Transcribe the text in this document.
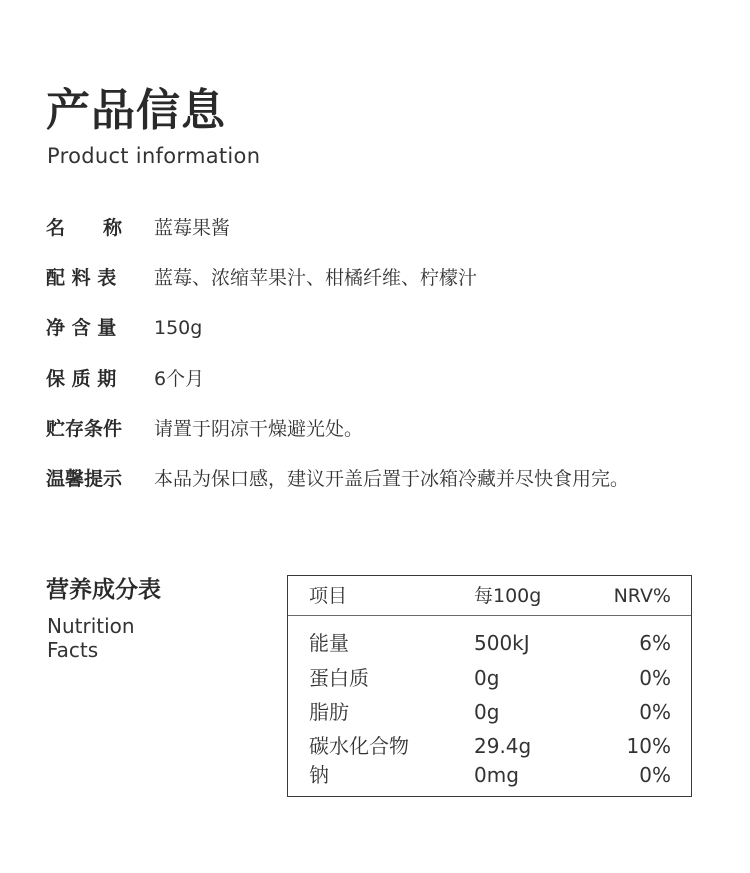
产品信息
Product information
名　　称	蓝莓果酱
配 料 表	蓝莓、浓缩苹果汁、柑橘纤维、柠檬汁
净 含 量	150g
保 质 期	6个月
贮存条件	请置于阴凉干燥避光处。
温馨提示	本品为保口感，建议开盖后置于冰箱冷藏并尽快食用完。
营养成分表
Nutrition
Facts
项目	每100g	NRV%
能量	500kJ	6%
蛋白质	0g	0%
脂肪	0g	0%
碳水化合物	29.4g	10%
钠	0mg	0%
